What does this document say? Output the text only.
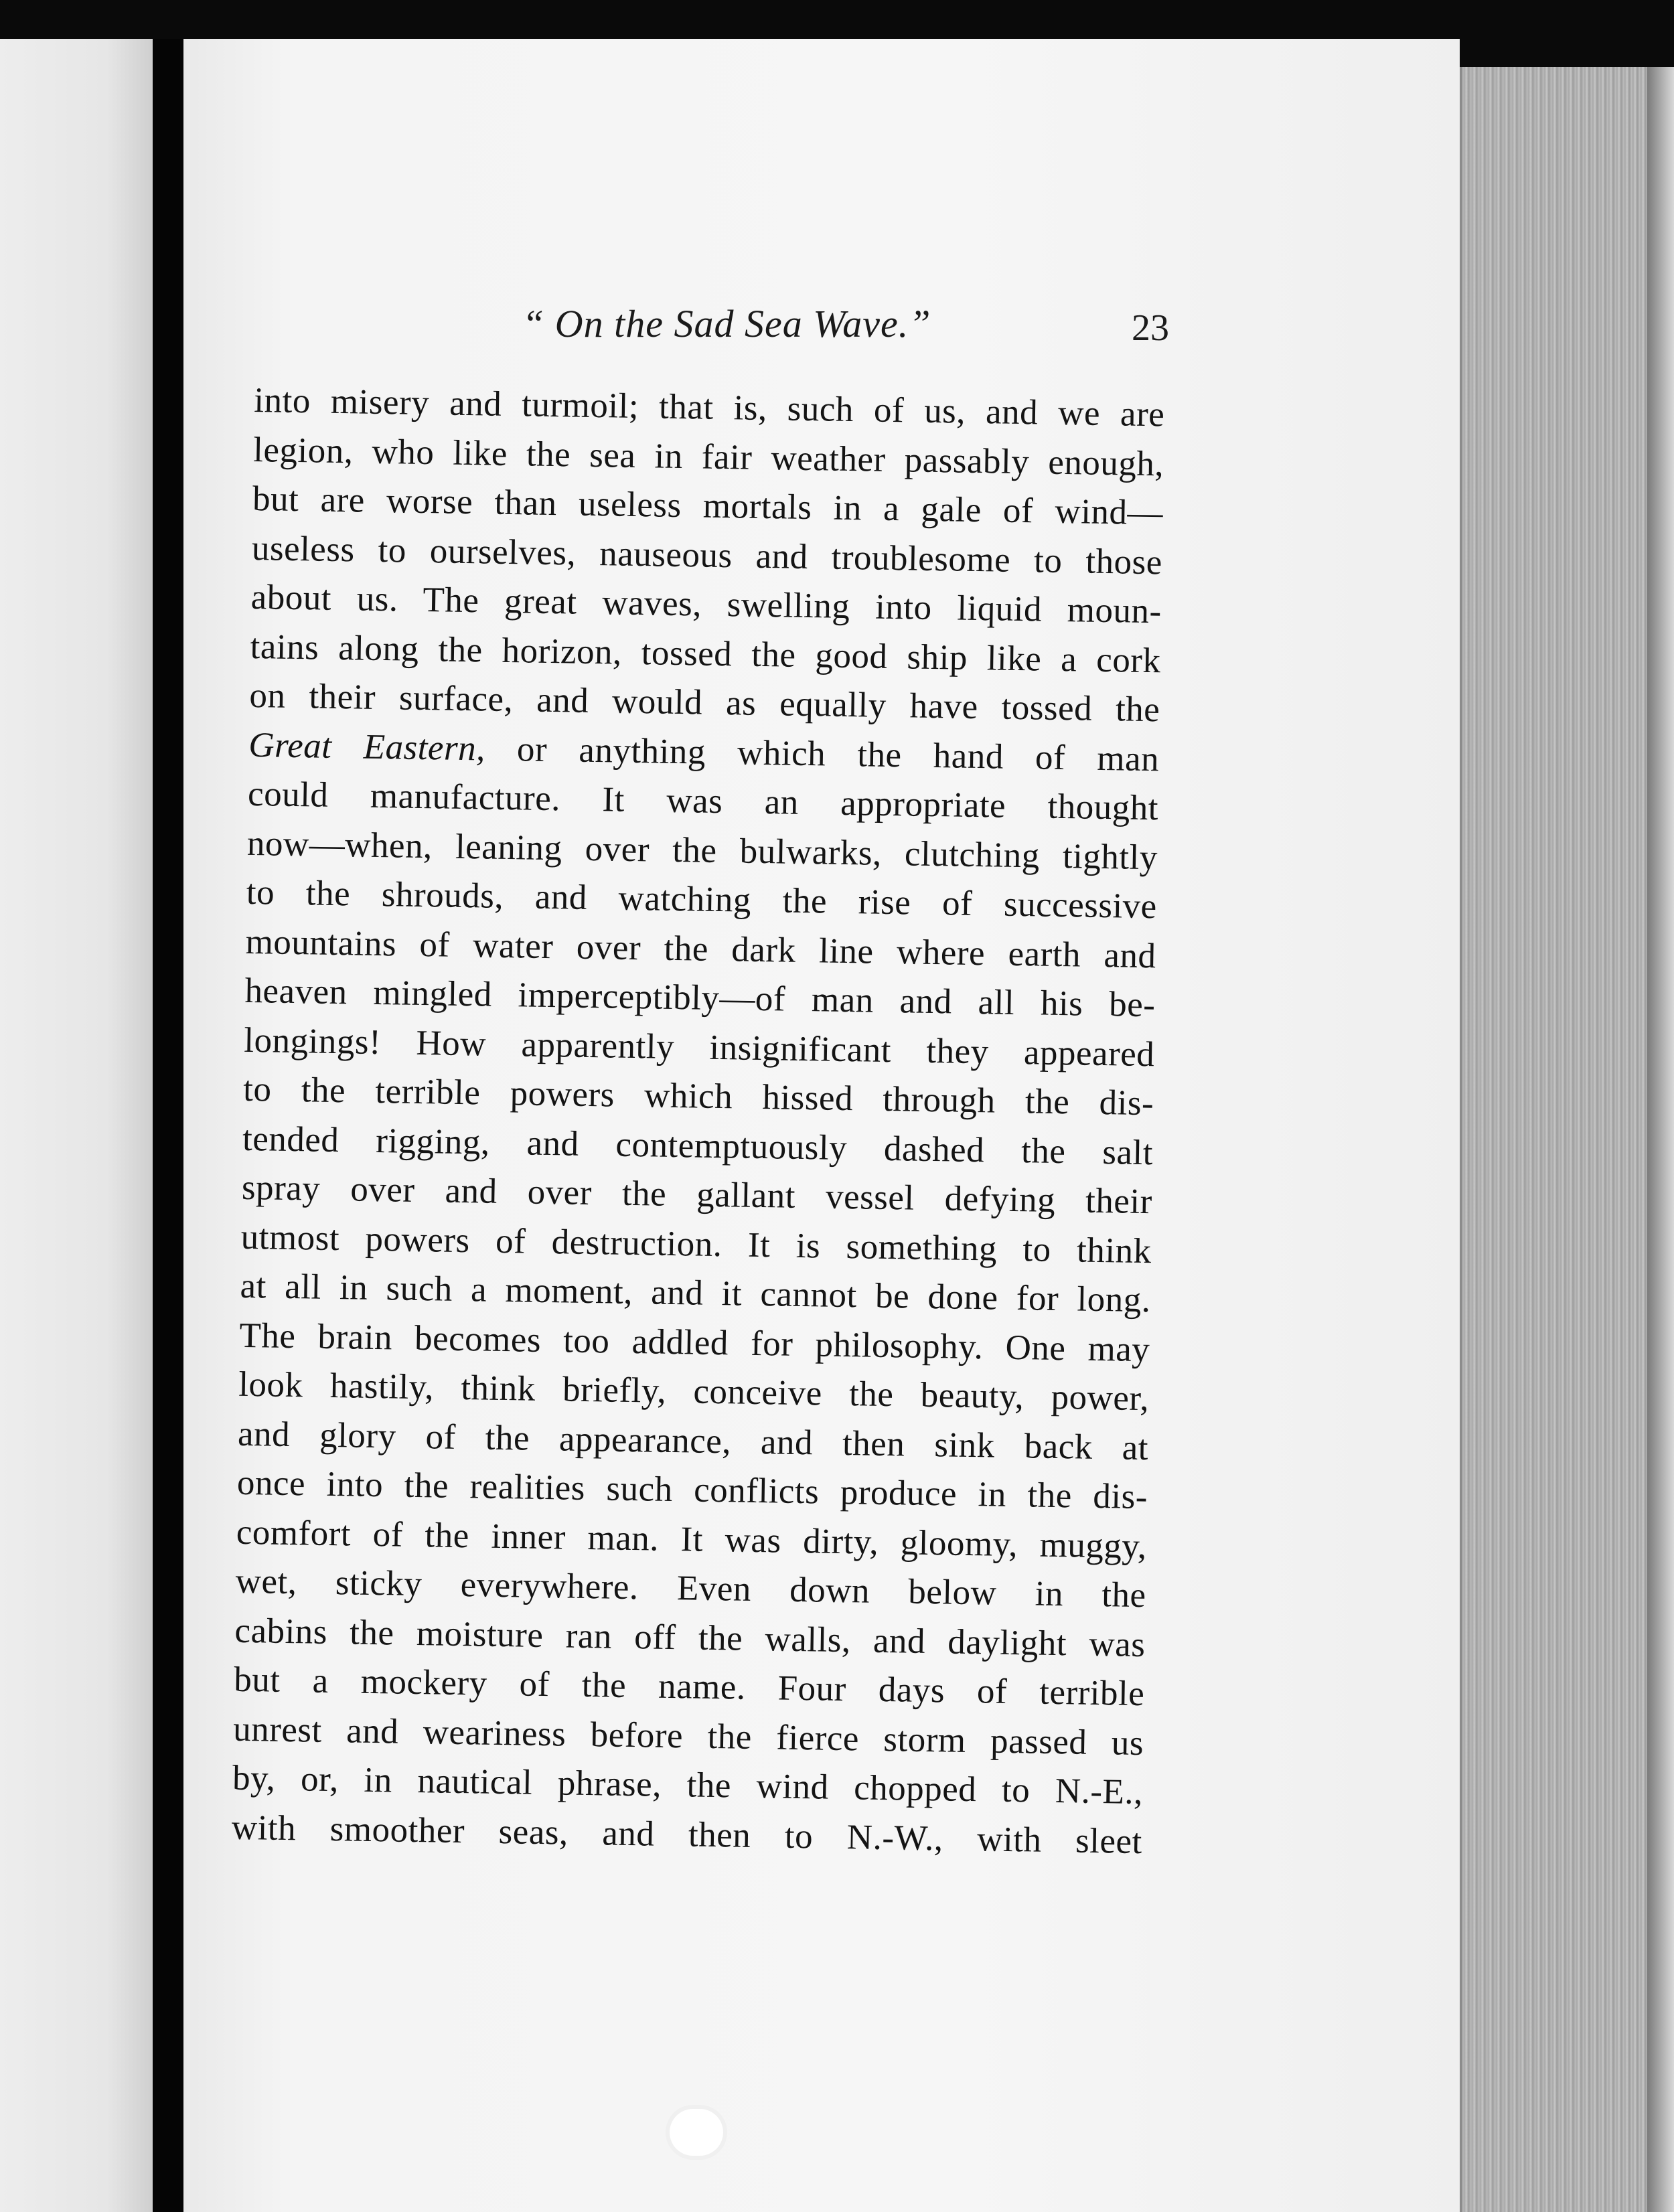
“ On the Sad Sea Wave.”	23
into misery and turmoil; that is, such of us, and we are
legion, who like the sea in fair weather passably enough,
but are worse than useless mortals in a gale of wind—
useless to ourselves, nauseous and troublesome to those
about us. The great waves, swelling into liquid moun-
tains along the horizon, tossed the good ship like a cork
on their surface, and would as equally have tossed the
Great Eastern, or anything which the hand of man
could manufacture. It was an appropriate thought
now—when, leaning over the bulwarks, clutching tightly
to the shrouds, and watching the rise of successive
mountains of water over the dark line where earth and
heaven mingled imperceptibly—of man and all his be-
longings! How apparently insignificant they appeared
to the terrible powers which hissed through the dis-
tended rigging, and contemptuously dashed the salt
spray over and over the gallant vessel defying their
utmost powers of destruction. It is something to think
at all in such a moment, and it cannot be done for long.
The brain becomes too addled for philosophy. One may
look hastily, think briefly, conceive the beauty, power,
and glory of the appearance, and then sink back at
once into the realities such conflicts produce in the dis-
comfort of the inner man. It was dirty, gloomy, muggy,
wet, sticky everywhere. Even down below in the
cabins the moisture ran off the walls, and daylight was
but a mockery of the name. Four days of terrible
unrest and weariness before the fierce storm passed us
by, or, in nautical phrase, the wind chopped to N.-E.,
with smoother seas, and then to N.-W., with sleet
